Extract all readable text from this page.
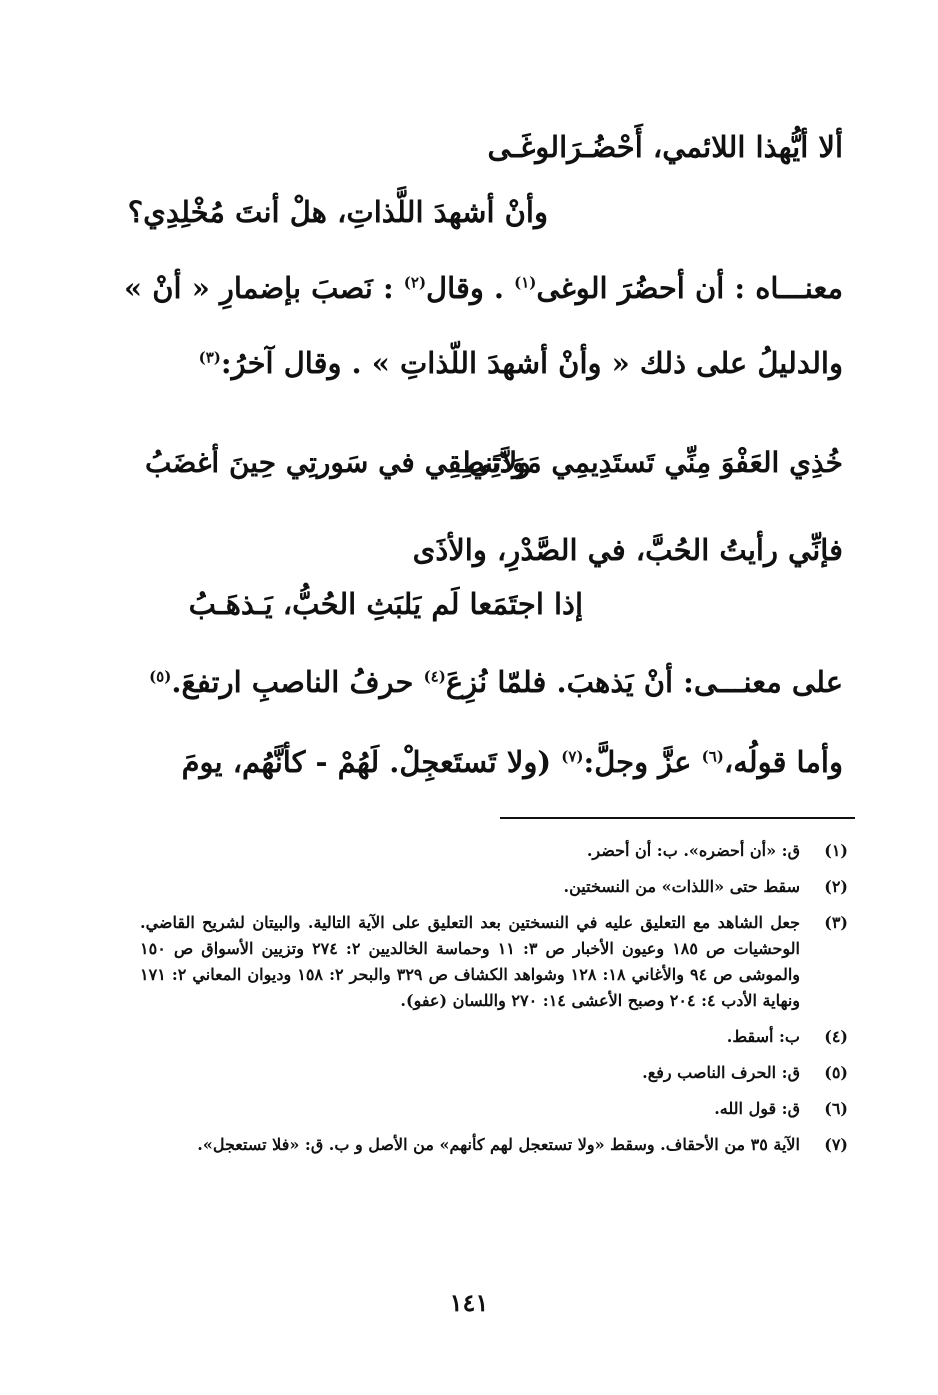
ألا أيُّهذا اللائمي، أَحْضُـرَالوغَـى
وأنْ أشهدَ اللَّذاتِ، هلْ أنتَ مُخْلِدِي؟
معنـــاه : أن أحضُرَ الوغى$^{(١)}$ . وقال$^{(٢)}$ : نَصبَ بإضمارِ « أنْ »
والدليلُ على ذلك « وأنْ أشهدَ اللّذاتِ » . وقال آخرُ:$^{(٣)}$
خُذِي العَفْوَ مِنِّي تَستَدِيمِي مَوَدَّتِي
ولاتَنطِقِي في سَورتِي حِينَ أغضَبُ
فإنِّي رأيتُ الحُبَّ، في الصَّدْرِ، والأذَى
إذا اجتَمَعا لَم يَلبَثِ الحُبُّ، يَـذهَـبُ
على معنـــى: أنْ يَذهبَ. فلمّا نُزِعَ$^{(٤)}$ حرفُ الناصبِ ارتفعَ.$^{(٥)}$
وأما قولُه،$^{(٦)}$ عزَّ وجلَّ:$^{(٧)}$ (ولا تَستَعجِلْ. لَهُمْ - كأنَّهُم، يومَ
(١)
ق: «أن أحضره». ب: أن أحضر.
(٢)
سقط حتى «اللذات» من النسختين.
(٣)
جعل الشاهد مع التعليق عليه في النسختين بعد التعليق على الآية التالية. والبيتان لشريح القاضي. الوحشيات ص ١٨٥ وعيون الأخبار ص ٣: ١١ وحماسة الخالديين ٢: ٢٧٤ وتزيين الأسواق ص ١٥٠ والموشى ص ٩٤ والأغاني ١٨: ١٢٨ وشواهد الكشاف ص ٣٢٩ والبحر ٢: ١٥٨ وديوان المعاني ٢: ١٧١ ونهاية الأدب ٤: ٢٠٤ وصبح الأعشى ١٤: ٢٧٠ واللسان (عفو).
(٤)
ب: أسقط.
(٥)
ق: الحرف الناصب رفع.
(٦)
ق: قول الله.
(٧)
الآية ٣٥ من الأحقاف. وسقط «ولا تستعجل لهم كأنهم» من الأصل و ب. ق: «فلا تستعجل».
١٤١
